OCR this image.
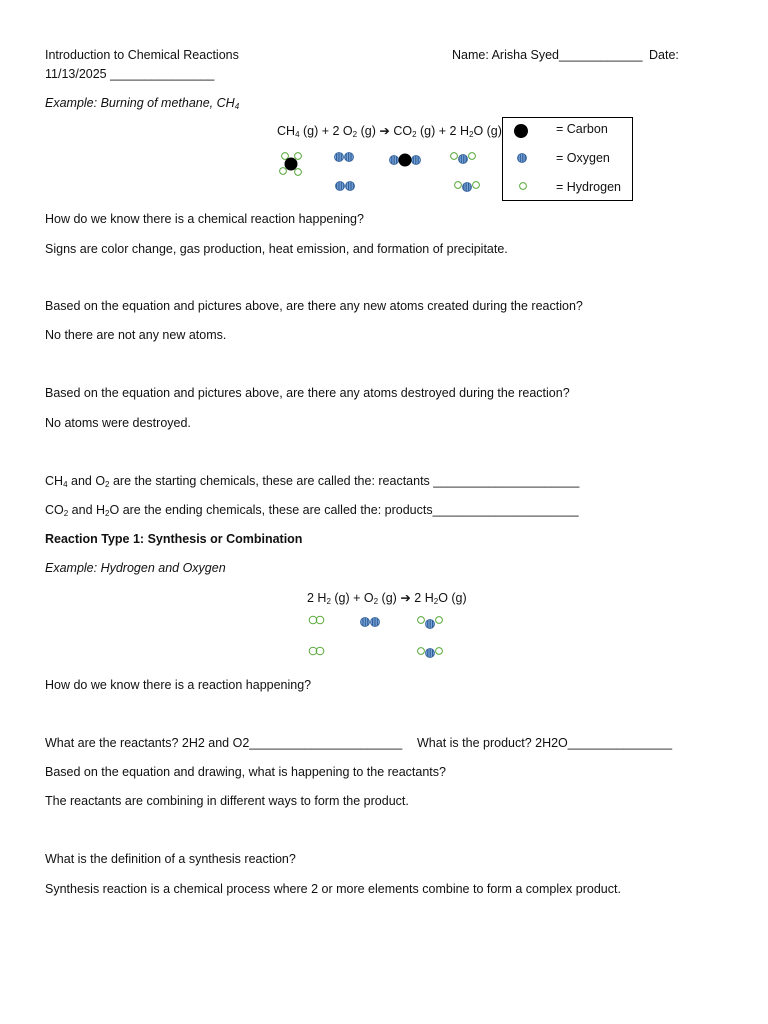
Introduction to Chemical Reactions	Name: Arisha Syed____________ Date:
11/13/2025 _______________
Example: Burning of methane, $CH_4$
$CH_4$ (g) + 2 $O_2$ (g) ➔ $CO_2$ (g) + 2 $H_2O$ (g)	= Carbon
= Oxygen
= Hydrogen
How do we know there is a chemical reaction happening?
Signs are color change, gas production, heat emission, and formation of precipitate.
Based on the equation and pictures above, are there any new atoms created during the reaction?
No there are not any new atoms.
Based on the equation and pictures above, are there any atoms destroyed during the reaction?
No atoms were destroyed.
$CH_4$ and $O_2$ are the starting chemicals, these are called the: reactants _____________________
$CO_2$ and $H_2O$ are the ending chemicals, these are called the: products_____________________
Reaction Type 1: Synthesis or Combination
Example: Hydrogen and Oxygen
2 $H_2$ $(g) + O_2$ (g) ➔ 2 $H_2O$ (g)
How do we know there is a reaction happening?
What are the reactants? 2H2 and O2______________________ What is the product? 2H2O_______________
Based on the equation and drawing, what is happening to the reactants?
The reactants are combining in different ways to form the product.
What is the definition of a synthesis reaction?
Synthesis reaction is a chemical process where 2 or more elements combine to form a complex product.
